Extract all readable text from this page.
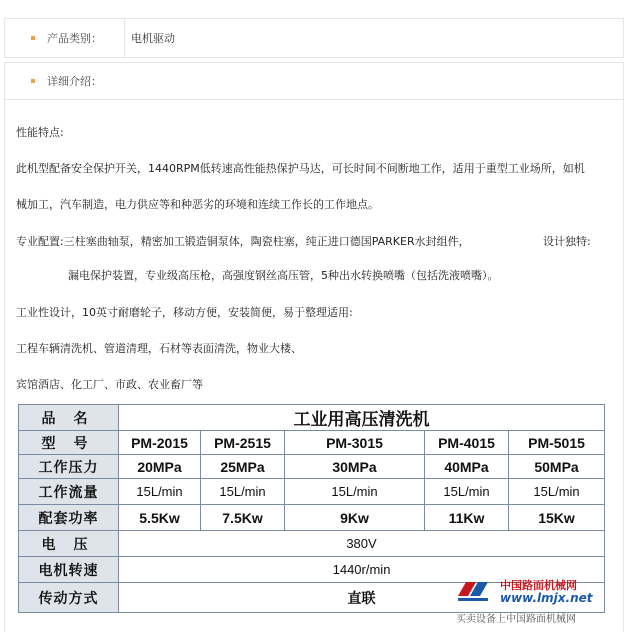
产品类别：	电机驱动
详细介绍：
性能特点:
此机型配备安全保护开关，1440RPM低转速高性能热保护马达，可长时间不间断地工作，适用于重型工业场所，如机
械加工，汽车制造，电力供应等和种恶劣的环境和连续工作长的工作地点。
专业配置:三柱塞曲轴泵，精密加工锻造铜泵体，陶瓷柱塞，纯正进口德国PARKER水封组件，	设计独特:
漏电保护装置，专业级高压枪，高强度钢丝高压管，5种出水转换喷嘴（包括洗液喷嘴）。
工业性设计，10英寸耐磨轮子，移动方便，安装简便，易于整理适用:
工程车辆清洗机、管道清理，石材等表面清洗，物业大楼、
宾馆酒店、化工厂、市政、农业畜厂等
品名	工业用高压清洗机				
型号	PM-2015	PM-2515	PM-3015	PM-4015	PM-5015
工作压力	20MPa	25MPa	30MPa	40MPa	50MPa
工作流量	15L/min	15L/min	15L/min	15L/min	15L/min
配套功率	5.5Kw	7.5Kw	9Kw	11Kw	15Kw
电压	380V				
电机转速	1440r/min				
传动方式	直联				
中国路面机械网
www.lmjx.net
买卖设备上中国路面机械网
